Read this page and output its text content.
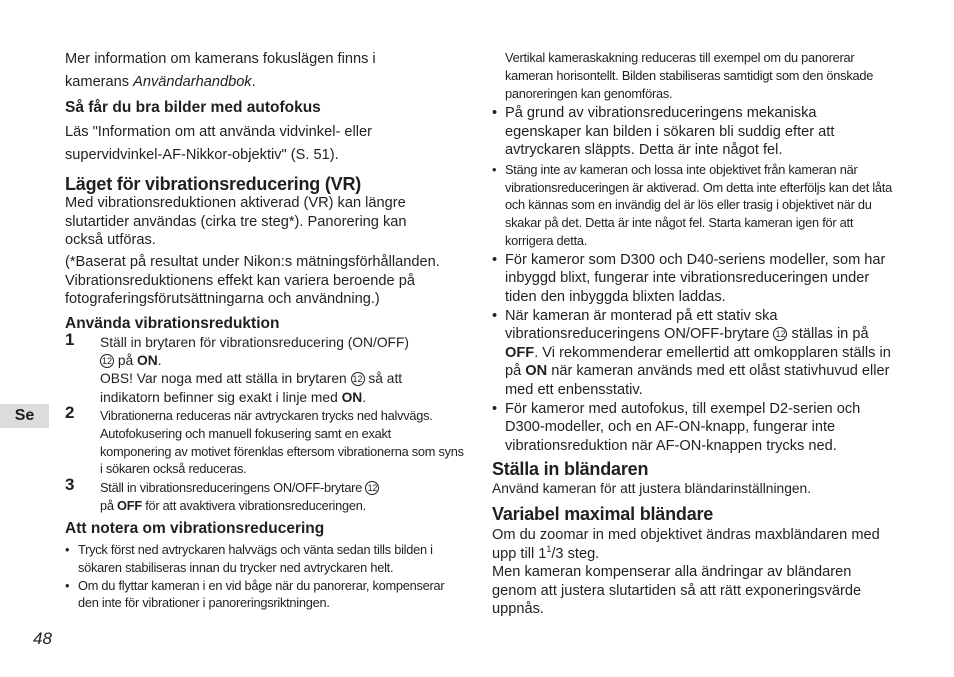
Se
48

Mer information om kamerans fokuslägen finns i

kamerans Användarhandbok.

Så får du bra bilder med autofokus
Läs "Information om att använda vidvinkel- eller supervidvinkel-AF-Nikkor-objektiv" (S. 51).
Läget för vibrationsreducering (VR)
Med vibrationsreduktionen aktiverad (VR) kan längre slutartider användas (cirka tre steg*). Panorering kan också utföras.
(*Baserat på resultat under Nikon:s mätningsförhållanden. Vibrationsreduktionens effekt kan variera beroende på fotograferingsförutsättningarna och användning.)
Använda vibrationsreduktion
1 Ställ in brytaren för vibrationsreducering (ON/OFF)
12 på ON.
OBS! Var noga med att ställa in brytaren 12 så att indikatorn befinner sig exakt i linje med ON.
2 Vibrationerna reduceras när avtryckaren trycks ned halvvägs. Autofokusering och manuell fokusering samt en exakt komponering av motivet förenklas eftersom vibrationerna som syns i sökaren också reduceras.
3 Ställ in vibrationsreduceringens ON/OFF-brytare 12
på OFF för att avaktivera vibrationsreduceringen.
Att notera om vibrationsreducering
• Tryck först ned avtryckaren halvvägs och vänta sedan tills bilden i sökaren stabiliseras innan du trycker ned avtryckaren helt.
• Om du flyttar kameran i en vid båge när du panorerar, kompenserar den inte för vibrationer i panoreringsriktningen.
Vertikal kameraskakning reduceras till exempel om du panorerar kameran horisontellt. Bilden stabiliseras samtidigt som den önskade panoreringen kan genomföras.
• På grund av vibrationsreduceringens mekaniska egenskaper kan bilden i sökaren bli suddig efter att avtryckaren släppts. Detta är inte något fel.
• Stäng inte av kameran och lossa inte objektivet från kameran när vibrationsreduceringen är aktiverad. Om detta inte efterföljs kan det låta och kännas som en invändig del är lös eller trasig i objektivet när du skakar på det. Detta är inte något fel. Starta kameran igen för att korrigera detta.
• För kameror som D300 och D40-seriens modeller, som har inbyggd blixt, fungerar inte vibrationsreduceringen under tiden den inbyggda blixten laddas.
• När kameran är monterad på ett stativ ska vibrationsreduceringens ON/OFF-brytare 12 ställas in på OFF. Vi rekommenderar emellertid att omkopplaren ställs in på ON när kameran används med ett olåst stativhuvud eller med ett enbensstativ.
• För kameror med autofokus, till exempel D2-serien och D300-modeller, och en AF-ON-knapp, fungerar inte vibrationsreduktion när AF-ON-knappen trycks ned.
Ställa in bländaren
Använd kameran för att justera bländarinställningen.
Variabel maximal bländare

Om du zoomar in med objektivet ändras maxbländaren med upp till $1^1/3$ steg.

Men kameran kompenserar alla ändringar av bländaren genom att justera slutartiden så att rätt exponeringsvärde uppnås.
